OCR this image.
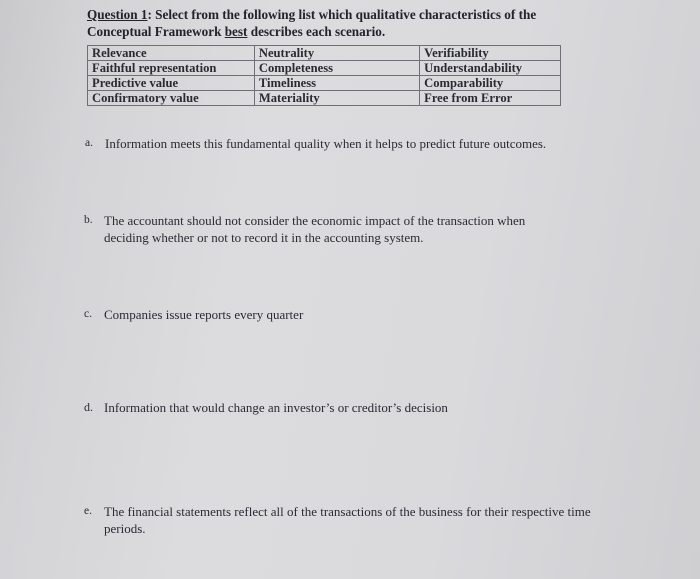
Question 1: Select from the following list which qualitative characteristics of the Conceptual Framework best describes each scenario.
Relevance	Neutrality	Verifiability
Faithful representation	Completeness	Understandability
Predictive value	Timeliness	Comparability
Confirmatory value	Materiality	Free from Error
a. Information meets this fundamental quality when it helps to predict future outcomes.
b. The accountant should not consider the economic impact of the transaction when deciding whether or not to record it in the accounting system.
c. Companies issue reports every quarter
d. Information that would change an investor’s or creditor’s decision
e. The financial statements reflect all of the transactions of the business for their respective time periods.
